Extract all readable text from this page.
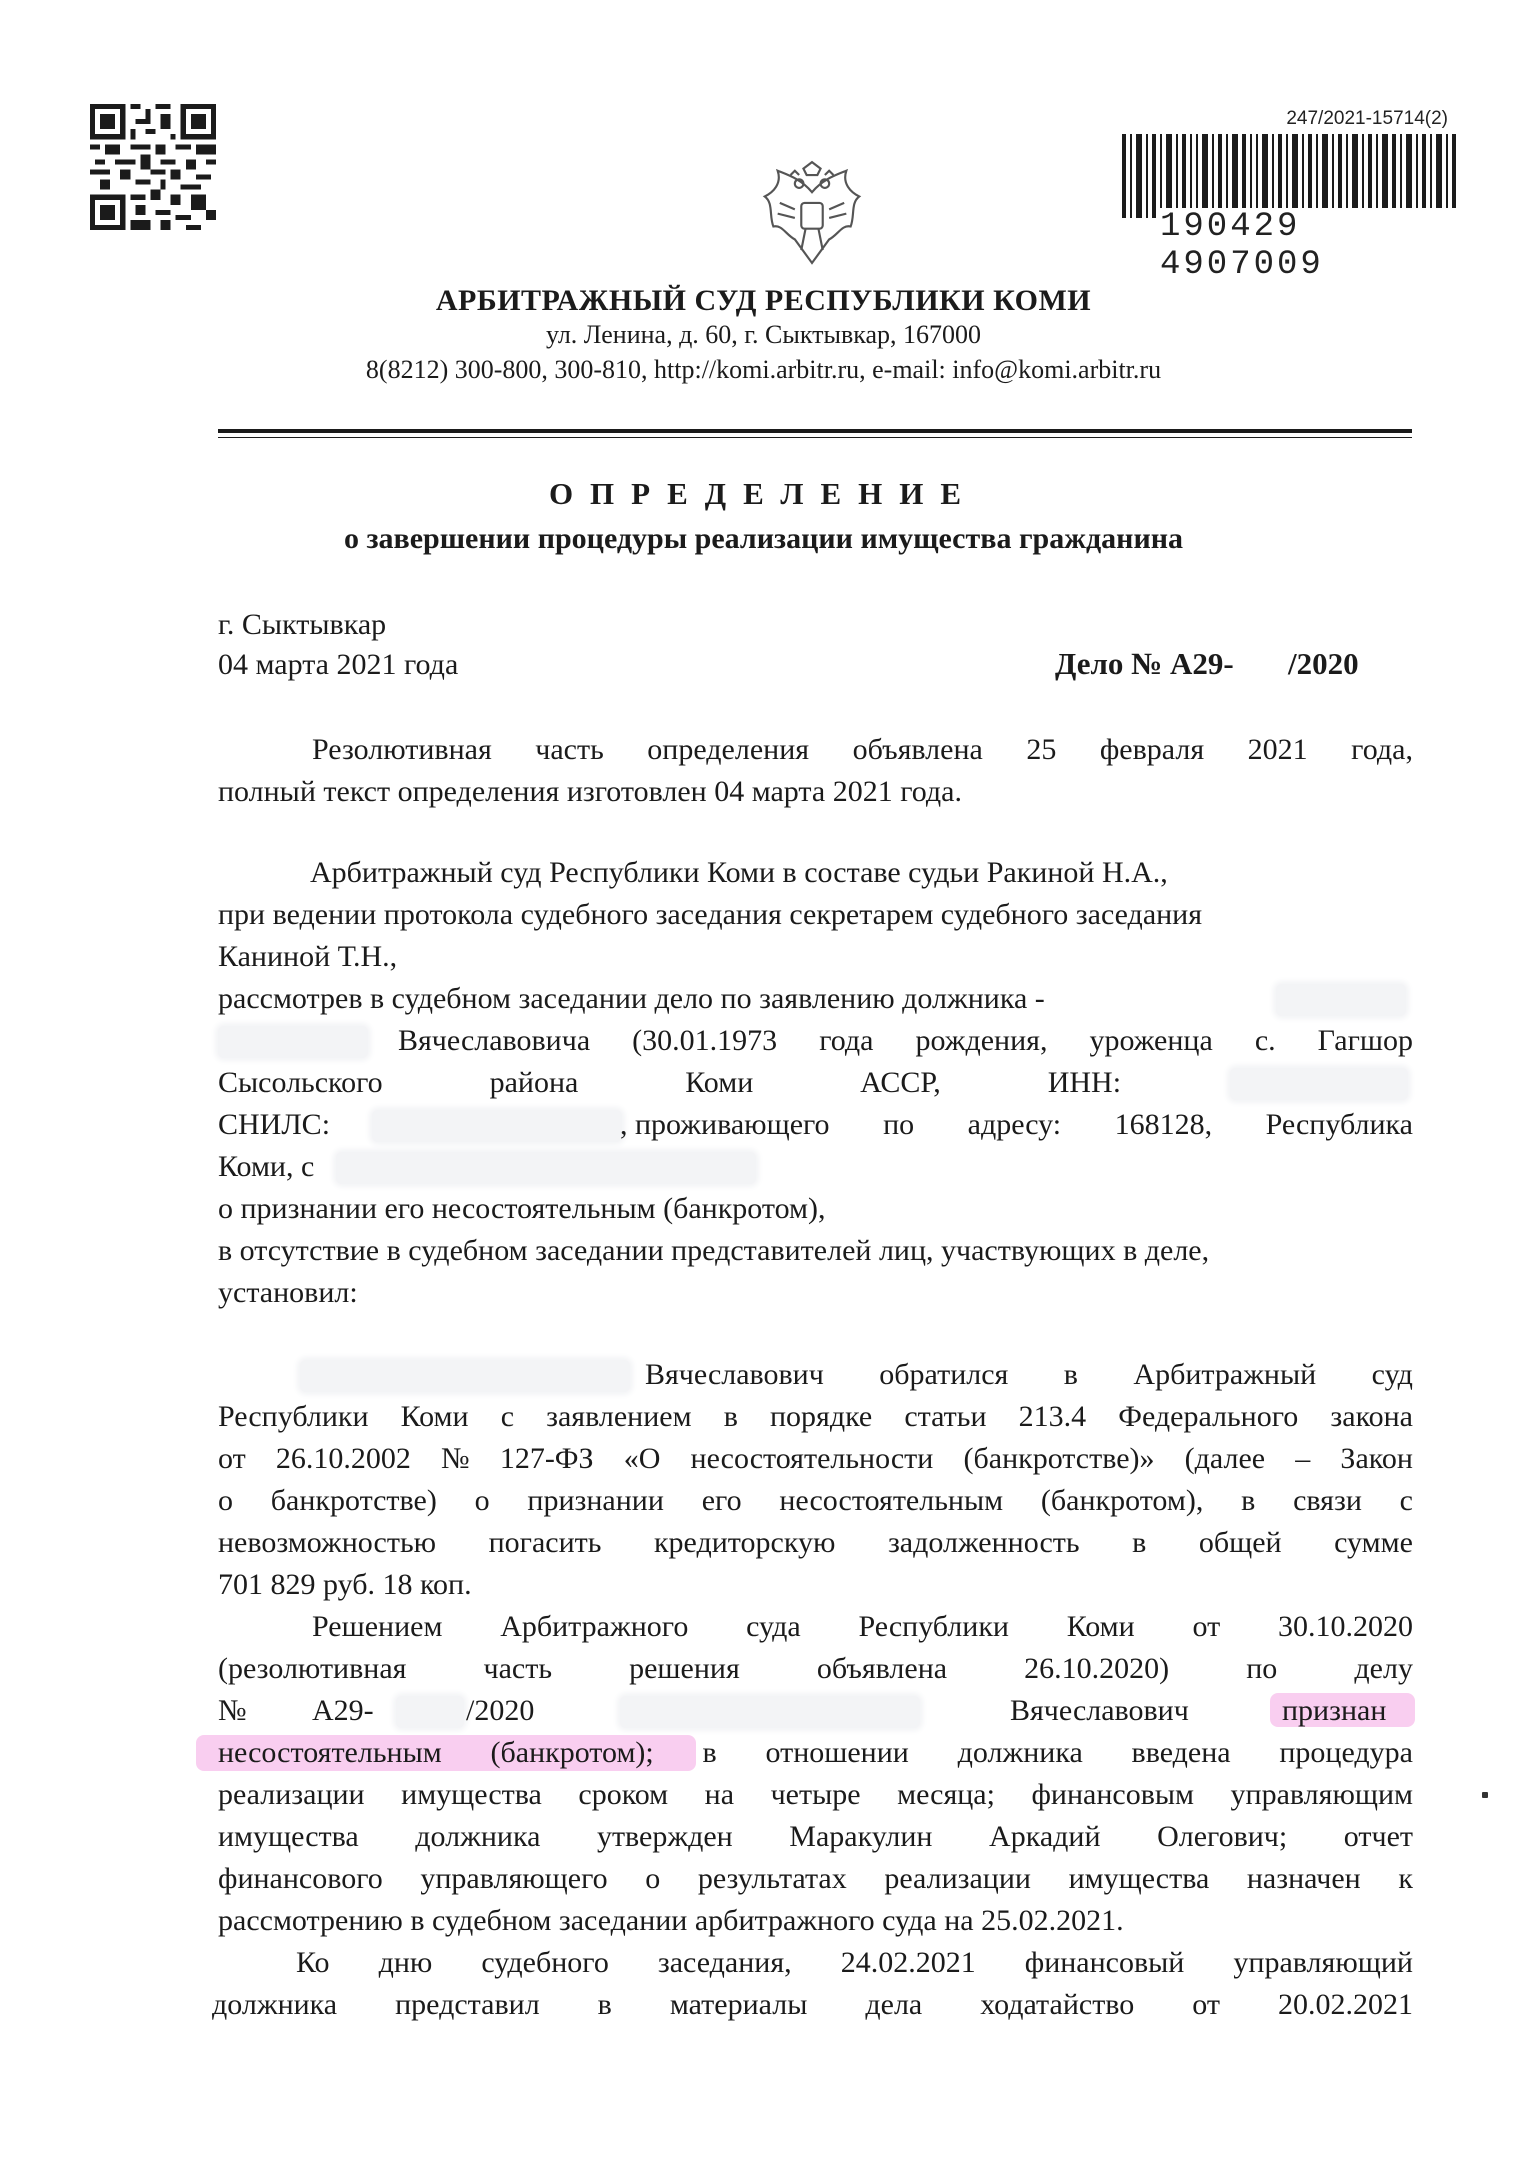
247/2021-15714(2)
190429 4907009
АРБИТРАЖНЫЙ СУД РЕСПУБЛИКИ КОМИ
ул. Ленина, д. 60, г. Сыктывкар, 167000
8(8212) 300-800, 300-810, http://komi.arbitr.ru, e-mail: info@komi.arbitr.ru
ОПРЕДЕЛЕНИЕ
о завершении процедуры реализации имущества гражданина
г. Сыктывкар
04 марта 2021 года	Дело № А29-       /2020
Резолютивная часть определения объявлена 25 февраля 2021 года,
полный текст определения изготовлен 04 марта 2021 года.
Арбитражный суд Республики Коми в составе судьи Ракиной Н.А.,
при ведении протокола судебного заседания секретарем судебного заседания
Каниной Т.Н.,
рассмотрев в судебном заседании дело по заявлению должника -
Вячеславовича (30.01.1973 года рождения, уроженца с. Гагшор
Сысольского	района	Коми	АССР,	ИНН:
СНИЛС:	, проживающего по адресу: 168128, Республика
Коми, с
о признании его несостоятельным (банкротом),
в отсутствие в судебном заседании представителей лиц, участвующих в деле,
установил:
Вячеславович обратился в Арбитражный суд
Республики Коми с заявлением в порядке статьи 213.4 Федерального закона
от 26.10.2002 № 127-ФЗ «О несостоятельности (банкротстве)» (далее – Закон
о банкротстве) о признании его несостоятельным (банкротом), в связи с
невозможностью погасить кредиторскую задолженность в общей сумме
701 829 руб. 18 коп.
Решением Арбитражного суда Республики Коми от 30.10.2020
(резолютивная	часть	решения	объявлена	26.10.2020)	по	делу
№ А29-	/2020	Вячеславович	признан
несостоятельным (банкротом); в отношении должника введена процедура
реализации имущества сроком на четыре месяца; финансовым управляющим
имущества должника утвержден Маракулин Аркадий Олегович; отчет
финансового управляющего о результатах реализации имущества назначен к
рассмотрению в судебном заседании арбитражного суда на 25.02.2021.
Ко дню судебного заседания, 24.02.2021 финансовый управляющий
должника представил в материалы дела ходатайство от 20.02.2021
